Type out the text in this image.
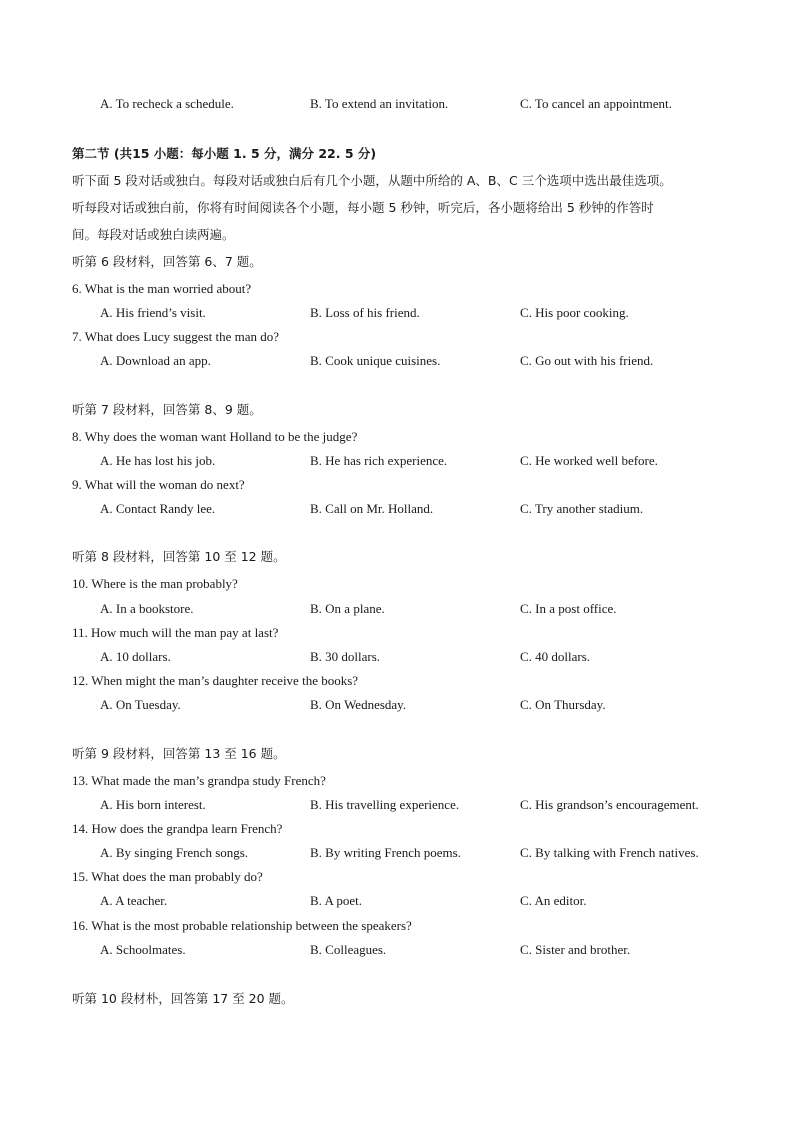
A. To recheck a schedule.	B. To extend an invitation.	C. To cancel an appointment.
第二节 (共15 小题：每小题 1. 5 分，满分 22. 5 分)
听下面 5 段对话或独白。每段对话或独白后有几个小题，从题中所给的 A、B、C 三个选项中选出最佳选项。
听每段对话或独白前，你将有时间阅读各个小题，每小题 5 秒钟，听完后，各小题将给出 5 秒钟的作答时
间。每段对话或独白读两遍。
听第 6 段材料，回答第 6、7 题。
6. What is the man worried about?
A. His friend’s visit.	B. Loss of his friend.	C. His poor cooking.
7. What does Lucy suggest the man do?
A. Download an app.	B. Cook unique cuisines.	C. Go out with his friend.
听第 7 段材料，回答第 8、9 题。
8. Why does the woman want Holland to be the judge?
A. He has lost his job.	B. He has rich experience.	C. He worked well before.
9. What will the woman do next?
A. Contact Randy lee.	B. Call on Mr. Holland.	C. Try another stadium.
听第 8 段材料，回答第 10 至 12 题。
10. Where is the man probably?
A. In a bookstore.	B. On a plane.	C. In a post office.
11. How much will the man pay at last?
A. 10 dollars.	B. 30 dollars.	C. 40 dollars.
12. When might the man’s daughter receive the books?
A. On Tuesday.	B. On Wednesday.	C. On Thursday.
听第 9 段材料，回答第 13 至 16 题。
13. What made the man’s grandpa study French?
A. His born interest.	B. His travelling experience.	C. His grandson’s encouragement.
14. How does the grandpa learn French?
A. By singing French songs.	B. By writing French poems.	C. By talking with French natives.
15. What does the man probably do?
A. A teacher.	B. A poet.	C. An editor.
16. What is the most probable relationship between the speakers?
A. Schoolmates.	B. Colleagues.	C. Sister and brother.
听第 10 段材朴，回答第 17 至 20 题。
